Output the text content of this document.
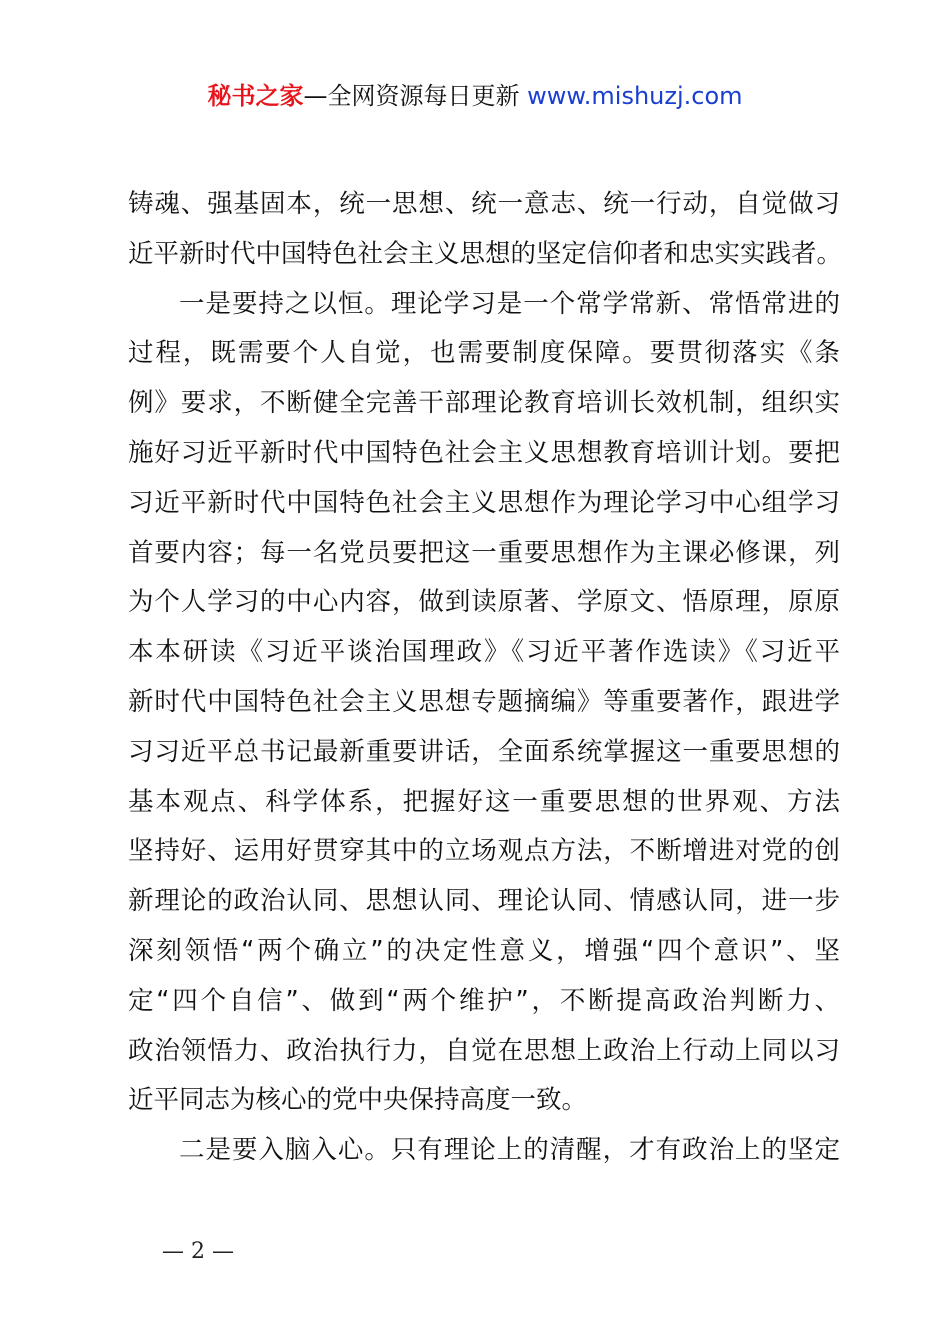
秘书之家—全网资源每日更新 www.mishuzj.com
铸魂、强基固本，统一思想、统一意志、统一行动，自觉做习
近平新时代中国特色社会主义思想的坚定信仰者和忠实实践者。
一是要持之以恒。理论学习是一个常学常新、常悟常进的
过程，既需要个人自觉，也需要制度保障。要贯彻落实《条
例》要求，不断健全完善干部理论教育培训长效机制，组织实
施好习近平新时代中国特色社会主义思想教育培训计划。要把
习近平新时代中国特色社会主义思想作为理论学习中心组学习
首要内容；每一名党员要把这一重要思想作为主课必修课，列
为个人学习的中心内容，做到读原著、学原文、悟原理，原原
本本研读《习近平谈治国理政》《习近平著作选读》《习近平
新时代中国特色社会主义思想专题摘编》等重要著作，跟进学
习习近平总书记最新重要讲话，全面系统掌握这一重要思想的
基本观点、科学体系，把握好这一重要思想的世界观、方法
坚持好、运用好贯穿其中的立场观点方法，不断增进对党的创
新理论的政治认同、思想认同、理论认同、情感认同，进一步
深刻领悟“两个确立”的决定性意义，增强“四个意识”、坚
定“四个自信”、做到“两个维护”，不断提高政治判断力、
政治领悟力、政治执行力，自觉在思想上政治上行动上同以习
近平同志为核心的党中央保持高度一致。
二是要入脑入心。只有理论上的清醒，才有政治上的坚定
— 2 —
